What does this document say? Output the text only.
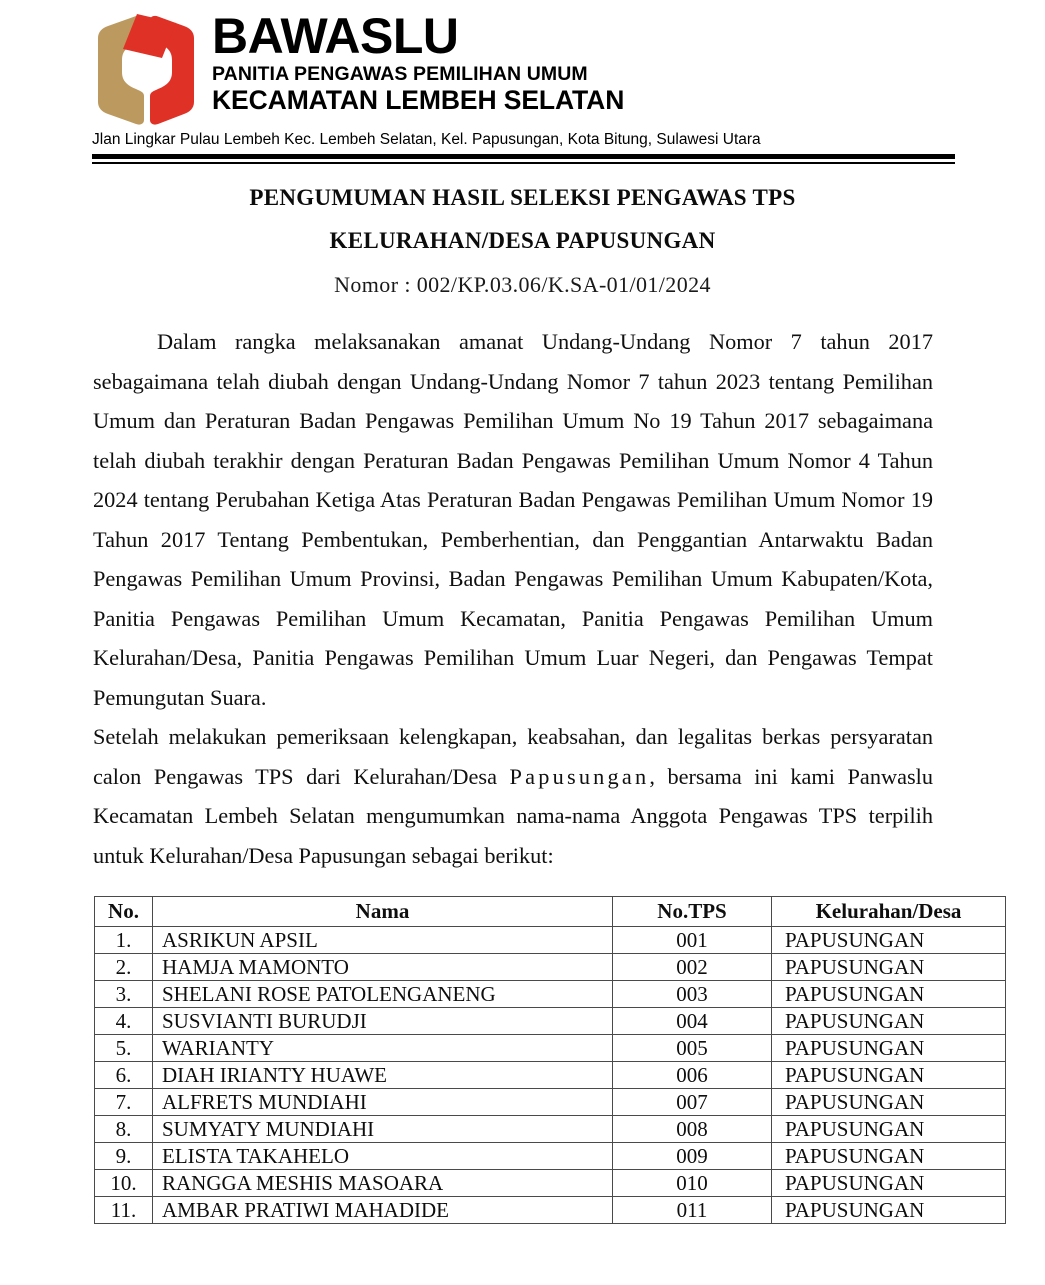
BAWASLU
PANITIA PENGAWAS PEMILIHAN UMUM
KECAMATAN LEMBEH SELATAN
Jlan Lingkar Pulau Lembeh Kec. Lembeh Selatan, Kel. Papusungan, Kota Bitung, Sulawesi Utara
PENGUMUMAN HASIL SELEKSI PENGAWAS TPS
KELURAHAN/DESA PAPUSUNGAN
Nomor : 002/KP.03.06/K.SA-01/01/2024

Dalam rangka melaksanakan amanat Undang-Undang Nomor 7 tahun 2017 sebagaimana telah diubah dengan Undang-Undang Nomor 7 tahun 2023 tentang Pemilihan Umum dan Peraturan Badan Pengawas Pemilihan Umum No 19 Tahun 2017 sebagaimana telah diubah terakhir dengan Peraturan Badan Pengawas Pemilihan Umum Nomor 4 Tahun 2024 tentang Perubahan Ketiga Atas Peraturan Badan Pengawas Pemilihan Umum Nomor 19 Tahun 2017 Tentang Pembentukan, Pemberhentian, dan Penggantian Antarwaktu Badan Pengawas Pemilihan Umum Provinsi, Badan Pengawas Pemilihan Umum Kabupaten/Kota, Panitia Pengawas Pemilihan Umum Kecamatan, Panitia Pengawas Pemilihan Umum Kelurahan/Desa, Panitia Pengawas Pemilihan Umum Luar Negeri, dan Pengawas Tempat Pemungutan Suara.

Setelah melakukan pemeriksaan kelengkapan, keabsahan, dan legalitas berkas persyaratan calon Pengawas TPS dari Kelurahan/Desa Papusungan, bersama ini kami Panwaslu Kecamatan Lembeh Selatan mengumumkan nama-nama Anggota Pengawas TPS terpilih untuk Kelurahan/Desa Papusungan sebagai berikut:

No.	Nama	No.TPS	Kelurahan/Desa
1.	ASRIKUN APSIL	001	PAPUSUNGAN
2.	HAMJA MAMONTO	002	PAPUSUNGAN
3.	SHELANI ROSE PATOLENGANENG	003	PAPUSUNGAN
4.	SUSVIANTI BURUDJI	004	PAPUSUNGAN
5.	WARIANTY	005	PAPUSUNGAN
6.	DIAH IRIANTY HUAWE	006	PAPUSUNGAN
7.	ALFRETS MUNDIAHI	007	PAPUSUNGAN
8.	SUMYATY MUNDIAHI	008	PAPUSUNGAN
9.	ELISTA TAKAHELO	009	PAPUSUNGAN
10.	RANGGA MESHIS MASOARA	010	PAPUSUNGAN
11.	AMBAR PRATIWI MAHADIDE	011	PAPUSUNGAN
